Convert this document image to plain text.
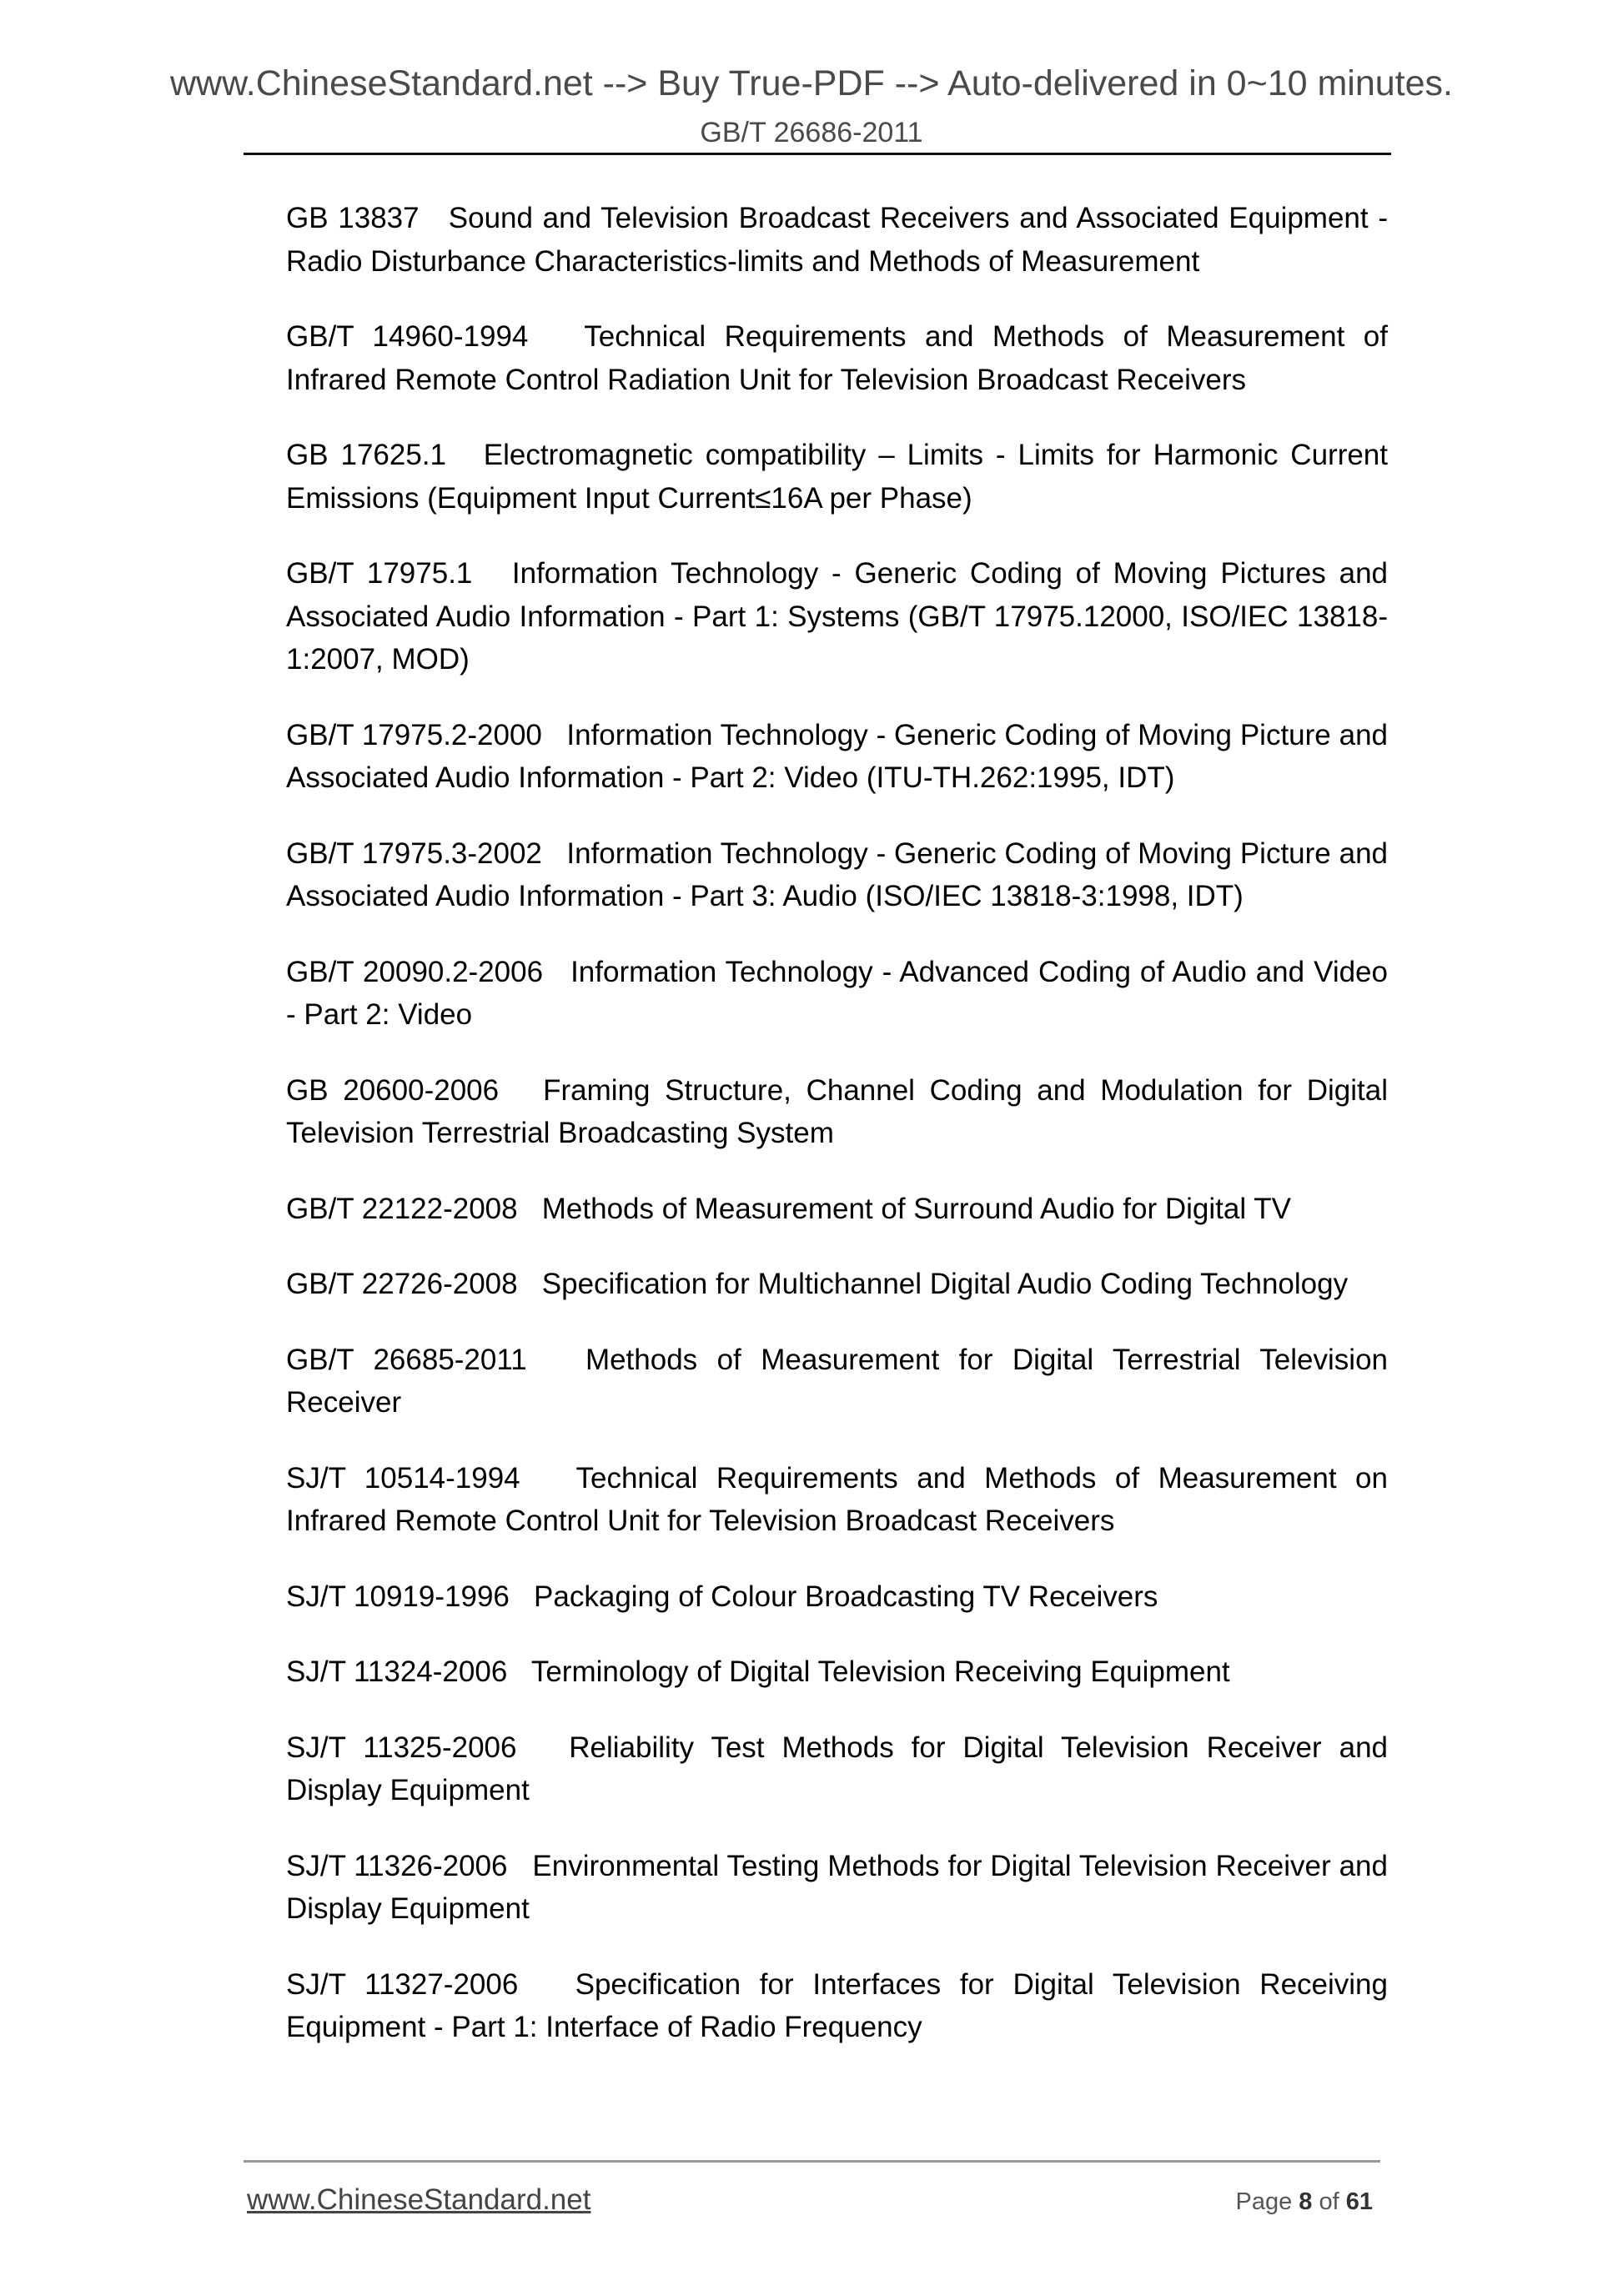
www.ChineseStandard.net --> Buy True-PDF --> Auto-delivered in 0~10 minutes.
GB/T 26686-2011

GB 13837   Sound and Television Broadcast Receivers and Associated Equipment - Radio Disturbance Characteristics-limits and Methods of Measurement

GB/T 14960-1994   Technical Requirements and Methods of Measurement of Infrared Remote Control Radiation Unit for Television Broadcast Receivers

GB 17625.1   Electromagnetic compatibility – Limits - Limits for Harmonic Current Emissions (Equipment Input Current≤16A per Phase)

GB/T 17975.1   Information Technology - Generic Coding of Moving Pictures and Associated Audio Information - Part 1: Systems (GB/T 17975.12000, ISO/IEC 13818-1:2007, MOD)

GB/T 17975.2-2000   Information Technology - Generic Coding of Moving Picture and Associated Audio Information - Part 2: Video (ITU-TH.262:1995, IDT)

GB/T 17975.3-2002   Information Technology - Generic Coding of Moving Picture and Associated Audio Information - Part 3: Audio (ISO/IEC 13818-3:1998, IDT)

GB/T 20090.2-2006   Information Technology - Advanced Coding of Audio and Video - Part 2: Video

GB 20600-2006   Framing Structure, Channel Coding and Modulation for Digital Television Terrestrial Broadcasting System

GB/T 22122-2008   Methods of Measurement of Surround Audio for Digital TV

GB/T 22726-2008   Specification for Multichannel Digital Audio Coding Technology

GB/T 26685-2011   Methods of Measurement for Digital Terrestrial Television Receiver

SJ/T 10514-1994   Technical Requirements and Methods of Measurement on Infrared Remote Control Unit for Television Broadcast Receivers

SJ/T 10919-1996   Packaging of Colour Broadcasting TV Receivers

SJ/T 11324-2006   Terminology of Digital Television Receiving Equipment

SJ/T 11325-2006   Reliability Test Methods for Digital Television Receiver and Display Equipment

SJ/T 11326-2006   Environmental Testing Methods for Digital Television Receiver and Display Equipment

SJ/T 11327-2006   Specification for Interfaces for Digital Television Receiving Equipment - Part 1: Interface of Radio Frequency

www.ChineseStandard.net	Page 8 of 61
